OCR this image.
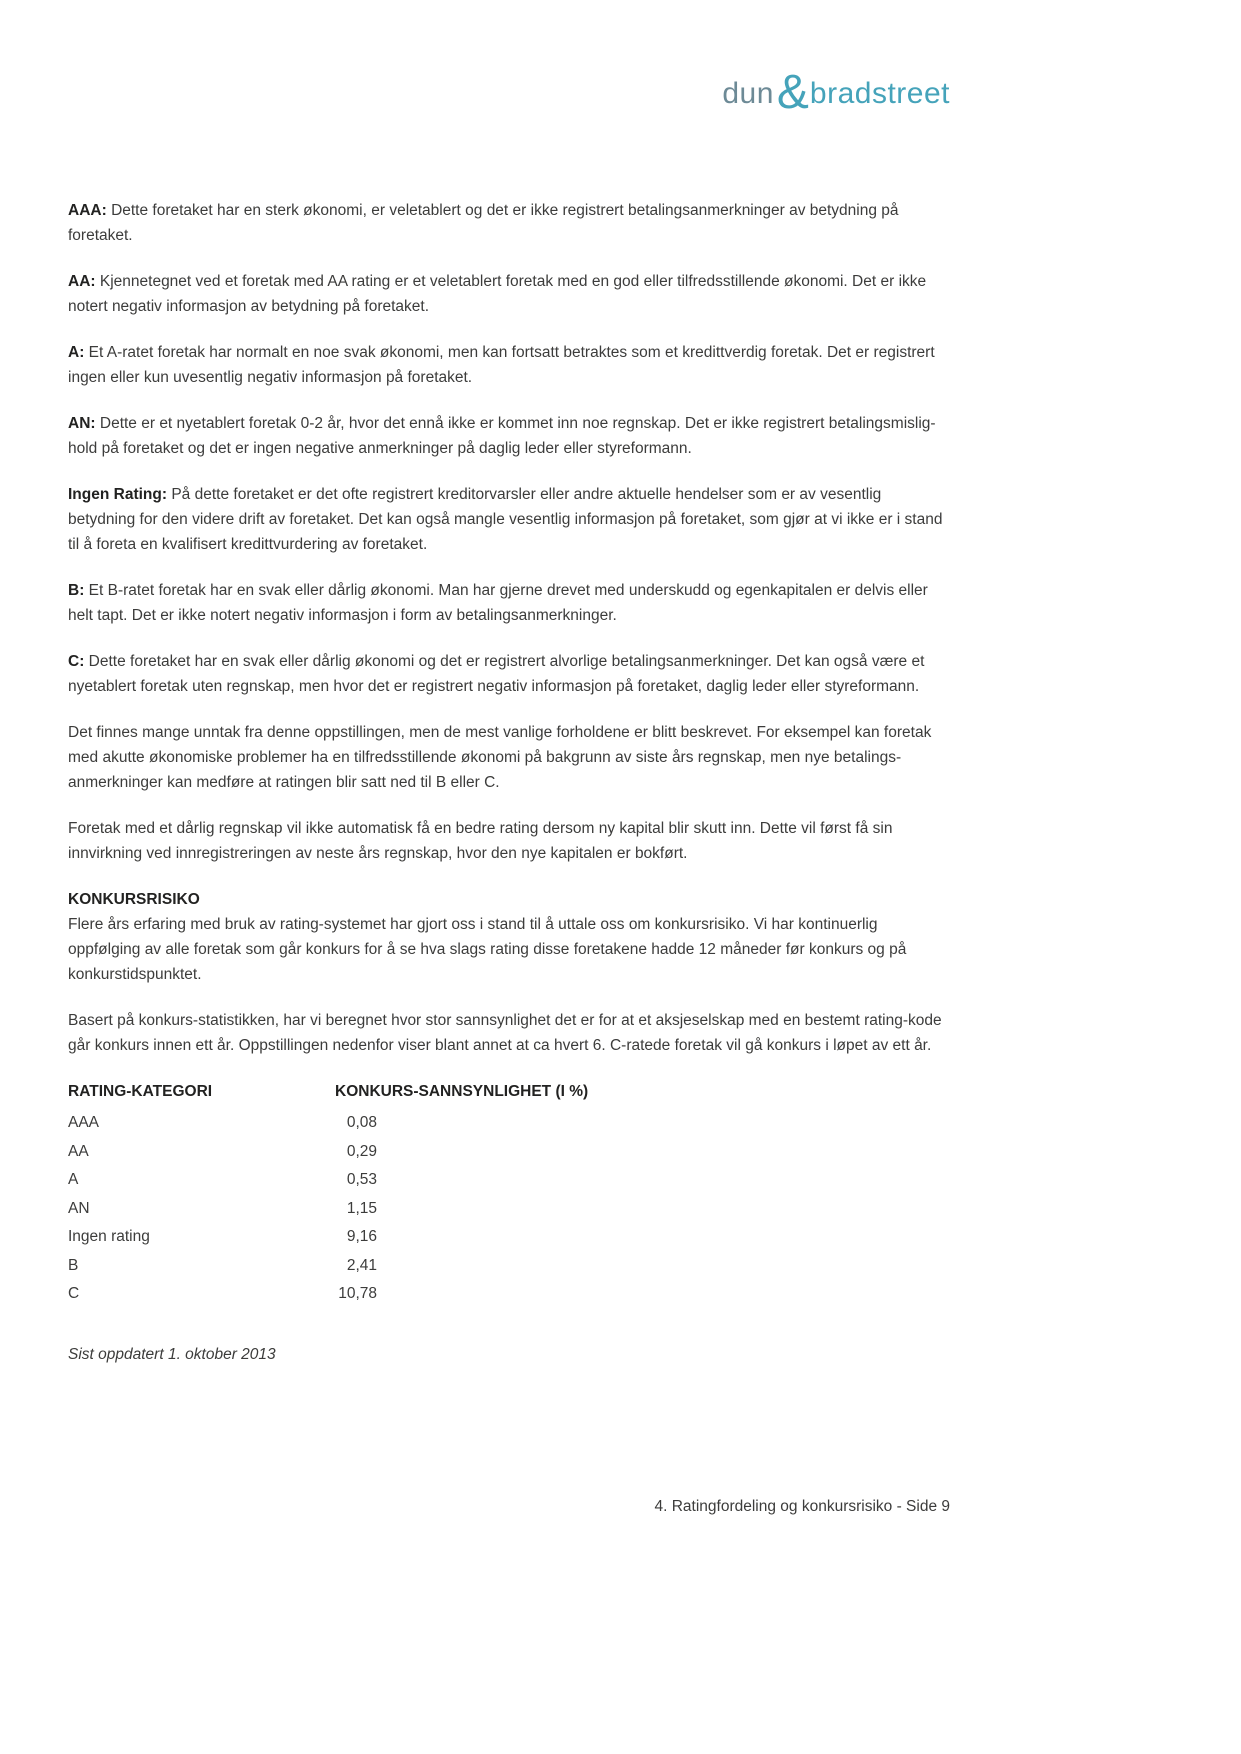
dun & bradstreet

AAA: Dette foretaket har en sterk økonomi, er veletablert og det er ikke registrert betalingsanmerkninger av betydning på foretaket.

AA: Kjennetegnet ved et foretak med AA rating er et veletablert foretak med en god eller tilfredsstillende økonomi. Det er ikke notert negativ informasjon av betydning på foretaket.

A: Et A-ratet foretak har normalt en noe svak økonomi, men kan fortsatt betraktes som et kredittverdig foretak. Det er registrert ingen eller kun uvesentlig negativ informasjon på foretaket.

AN: Dette er et nyetablert foretak 0-2 år, hvor det ennå ikke er kommet inn noe regnskap. Det er ikke registrert betalingsmislig- hold på foretaket og det er ingen negative anmerkninger på daglig leder eller styreformann.

Ingen Rating: På dette foretaket er det ofte registrert kreditorvarsler eller andre aktuelle hendelser som er av vesentlig betydning for den videre drift av foretaket. Det kan også mangle vesentlig informasjon på foretaket, som gjør at vi ikke er i stand til å foreta en kvalifisert kredittvurdering av foretaket.

B: Et B-ratet foretak har en svak eller dårlig økonomi. Man har gjerne drevet med underskudd og egenkapitalen er delvis eller helt tapt. Det er ikke notert negativ informasjon i form av betalingsanmerkninger.

C: Dette foretaket har en svak eller dårlig økonomi og det er registrert alvorlige betalingsanmerkninger. Det kan også være et nyetablert foretak uten regnskap, men hvor det er registrert negativ informasjon på foretaket, daglig leder eller styreformann.

Det finnes mange unntak fra denne oppstillingen, men de mest vanlige forholdene er blitt beskrevet. For eksempel kan foretak med akutte økonomiske problemer ha en tilfredsstillende økonomi på bakgrunn av siste års regnskap, men nye betalings- anmerkninger kan medføre at ratingen blir satt ned til B eller C.

Foretak med et dårlig regnskap vil ikke automatisk få en bedre rating dersom ny kapital blir skutt inn. Dette vil først få sin innvirkning ved innregistreringen av neste års regnskap, hvor den nye kapitalen er bokført.

KONKURSRISIKO
Flere års erfaring med bruk av rating-systemet har gjort oss i stand til å uttale oss om konkursrisiko. Vi har kontinuerlig oppfølging av alle foretak som går konkurs for å se hva slags rating disse foretakene hadde 12 måneder før konkurs og på konkurstidspunktet.

Basert på konkurs-statistikken, har vi beregnet hvor stor sannsynlighet det er for at et aksjeselskap med en bestemt rating-kode går konkurs innen ett år. Oppstillingen nedenfor viser blant annet at ca hvert 6. C-ratede foretak vil gå konkurs i løpet av ett år.

RATING-KATEGORI	KONKURS-SANNSYNLIGHET (I %)
AAA	0,08
AA	0,29
A	0,53
AN	1,15
Ingen rating	9,16
B	2,41
C	10,78

Sist oppdatert 1. oktober 2013

4. Ratingfordeling og konkursrisiko - Side 9
